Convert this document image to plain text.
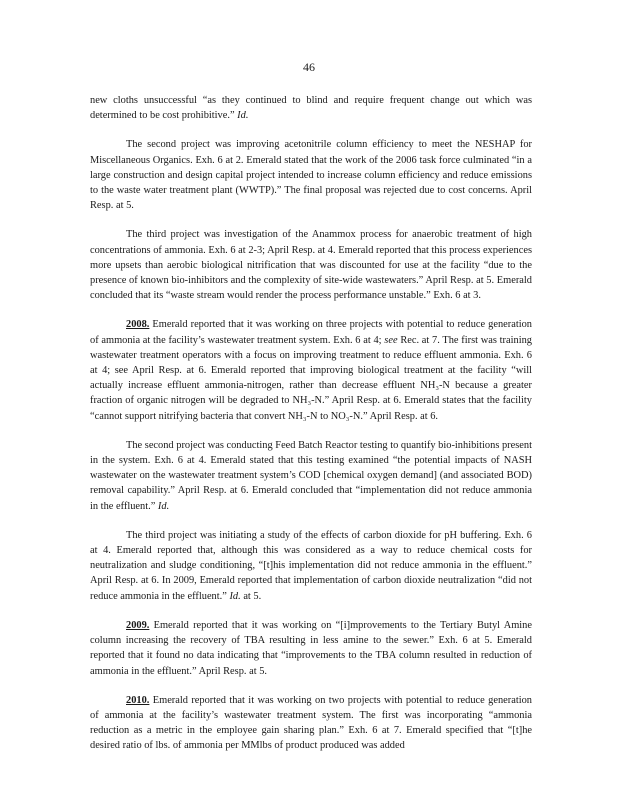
46

new cloths unsuccessful “as they continued to blind and require frequent change out which was determined to be cost prohibitive.” Id.

The second project was improving acetonitrile column efficiency to meet the NESHAP for Miscellaneous Organics. Exh. 6 at 2. Emerald stated that the work of the 2006 task force culminated “in a large construction and design capital project intended to increase column efficiency and reduce emissions to the waste water treatment plant (WWTP).” The final proposal was rejected due to cost concerns. April Resp. at 5.

The third project was investigation of the Anammox process for anaerobic treatment of high concentrations of ammonia. Exh. 6 at 2-3; April Resp. at 4. Emerald reported that this process experiences more upsets than aerobic biological nitrification that was discounted for use at the facility “due to the presence of known bio-inhibitors and the complexity of site-wide wastewaters.” April Resp. at 5. Emerald concluded that its “waste stream would render the process performance unstable.” Exh. 6 at 3.

2008. Emerald reported that it was working on three projects with potential to reduce generation of ammonia at the facility’s wastewater treatment system. Exh. 6 at 4; see Rec. at 7. The first was training wastewater treatment operators with a focus on improving treatment to reduce effluent ammonia. Exh. 6 at 4; see April Resp. at 6. Emerald reported that improving biological treatment at the facility “will actually increase effluent ammonia-nitrogen, rather than decrease effluent NH₃-N because a greater fraction of organic nitrogen will be degraded to NH₃-N.” April Resp. at 6. Emerald states that the facility “cannot support nitrifying bacteria that convert NH₃-N to NO₃-N.” April Resp. at 6.

The second project was conducting Feed Batch Reactor testing to quantify bio-inhibitions present in the system. Exh. 6 at 4. Emerald stated that this testing examined “the potential impacts of NASH wastewater on the wastewater treatment system’s COD [chemical oxygen demand] (and associated BOD) removal capability.” April Resp. at 6. Emerald concluded that “implementation did not reduce ammonia in the effluent.” Id.

The third project was initiating a study of the effects of carbon dioxide for pH buffering. Exh. 6 at 4. Emerald reported that, although this was considered as a way to reduce chemical costs for neutralization and sludge conditioning, “[t]his implementation did not reduce ammonia in the effluent.” April Resp. at 6. In 2009, Emerald reported that implementation of carbon dioxide neutralization “did not reduce ammonia in the effluent.” Id. at 5.

2009. Emerald reported that it was working on “[i]mprovements to the Tertiary Butyl Amine column increasing the recovery of TBA resulting in less amine to the sewer.” Exh. 6 at 5. Emerald reported that it found no data indicating that “improvements to the TBA column resulted in reduction of ammonia in the effluent.” April Resp. at 5.

2010. Emerald reported that it was working on two projects with potential to reduce generation of ammonia at the facility’s wastewater treatment system. The first was incorporating “ammonia reduction as a metric in the employee gain sharing plan.” Exh. 6 at 7. Emerald specified that “[t]he desired ratio of lbs. of ammonia per MMlbs of product produced was added
